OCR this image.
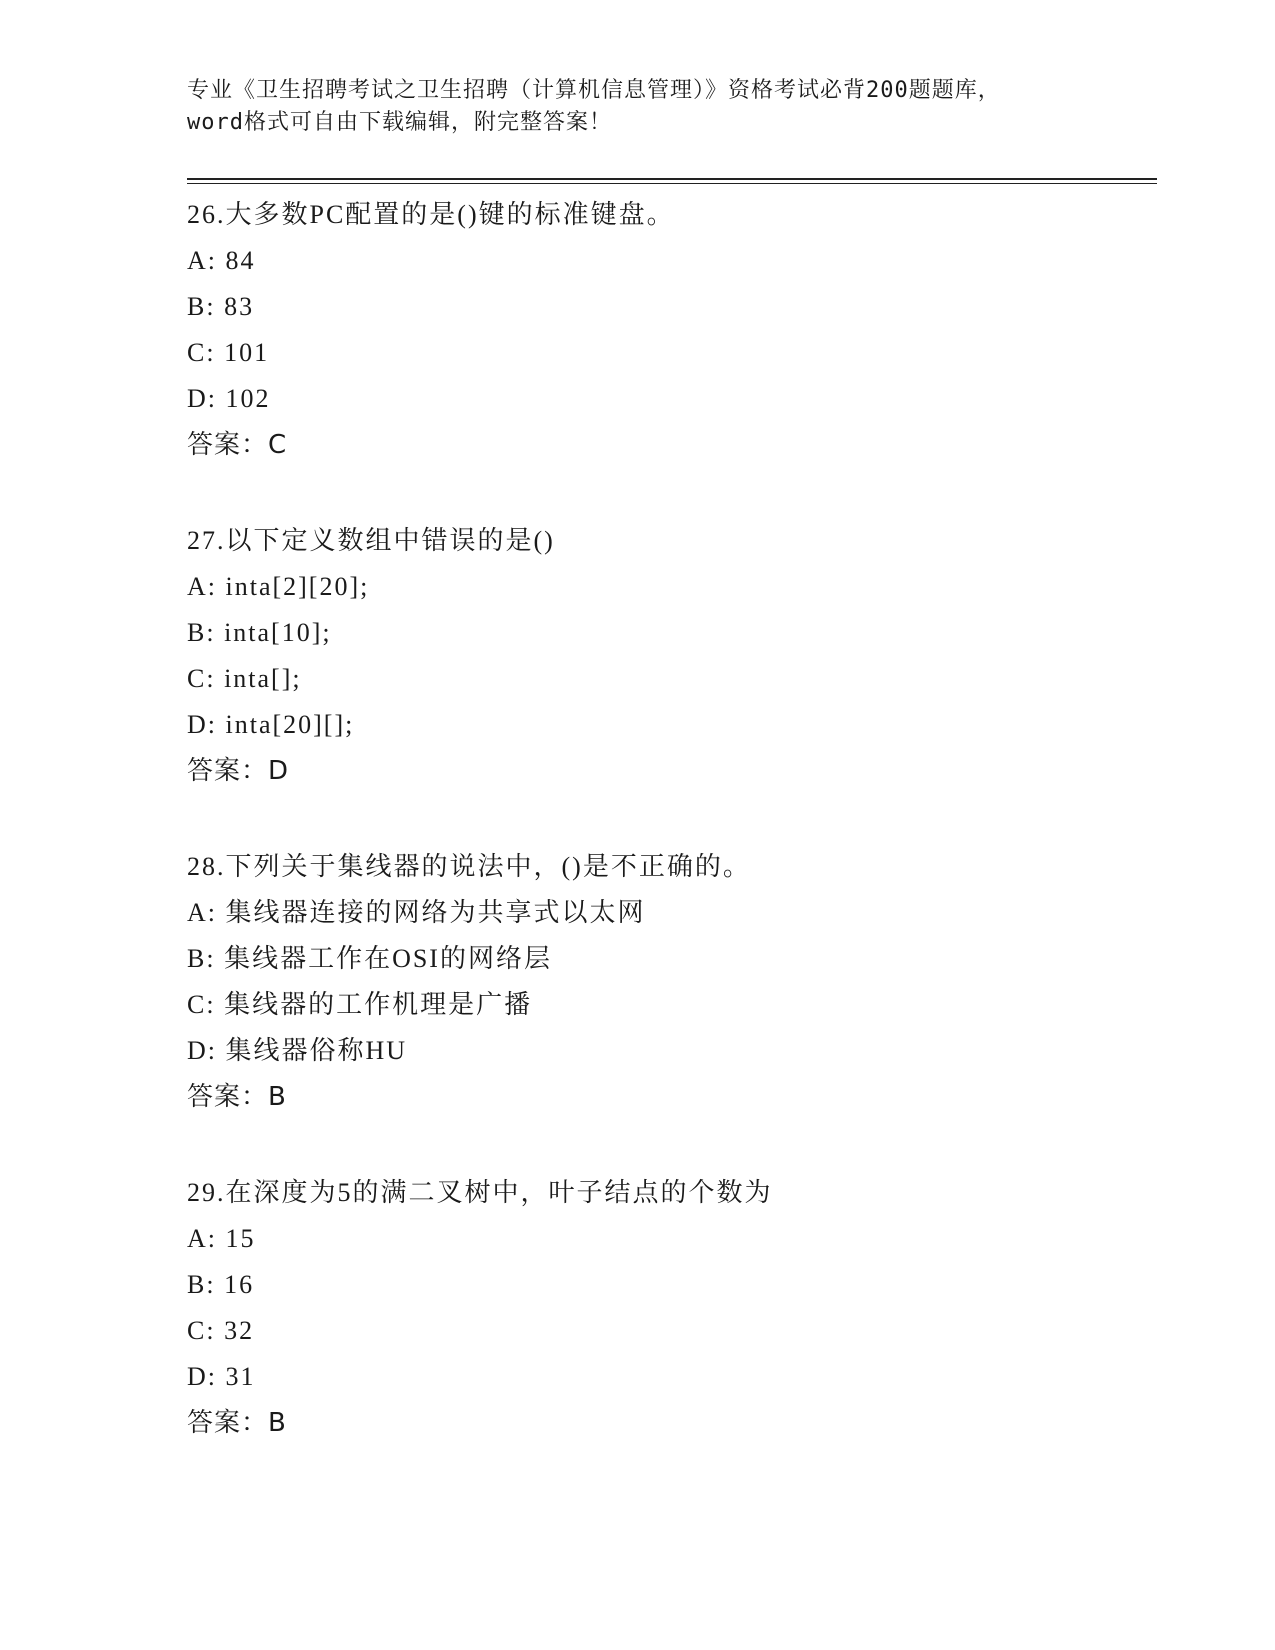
专业《卫生招聘考试之卫生招聘（计算机信息管理）》资格考试必背200题题库，
word格式可自由下载编辑，附完整答案！
26.大多数PC配置的是()键的标准键盘。
A: 84
B: 83
C: 101
D: 102
答案：C
27.以下定义数组中错误的是()
A: inta[2][20];
B: inta[10];
C: inta[];
D: inta[20][];
答案：D
28.下列关于集线器的说法中，()是不正确的。
A: 集线器连接的网络为共享式以太网
B: 集线器工作在OSI的网络层
C: 集线器的工作机理是广播
D: 集线器俗称HU
答案：B
29.在深度为5的满二叉树中，叶子结点的个数为
A: 15
B: 16
C: 32
D: 31
答案：B
